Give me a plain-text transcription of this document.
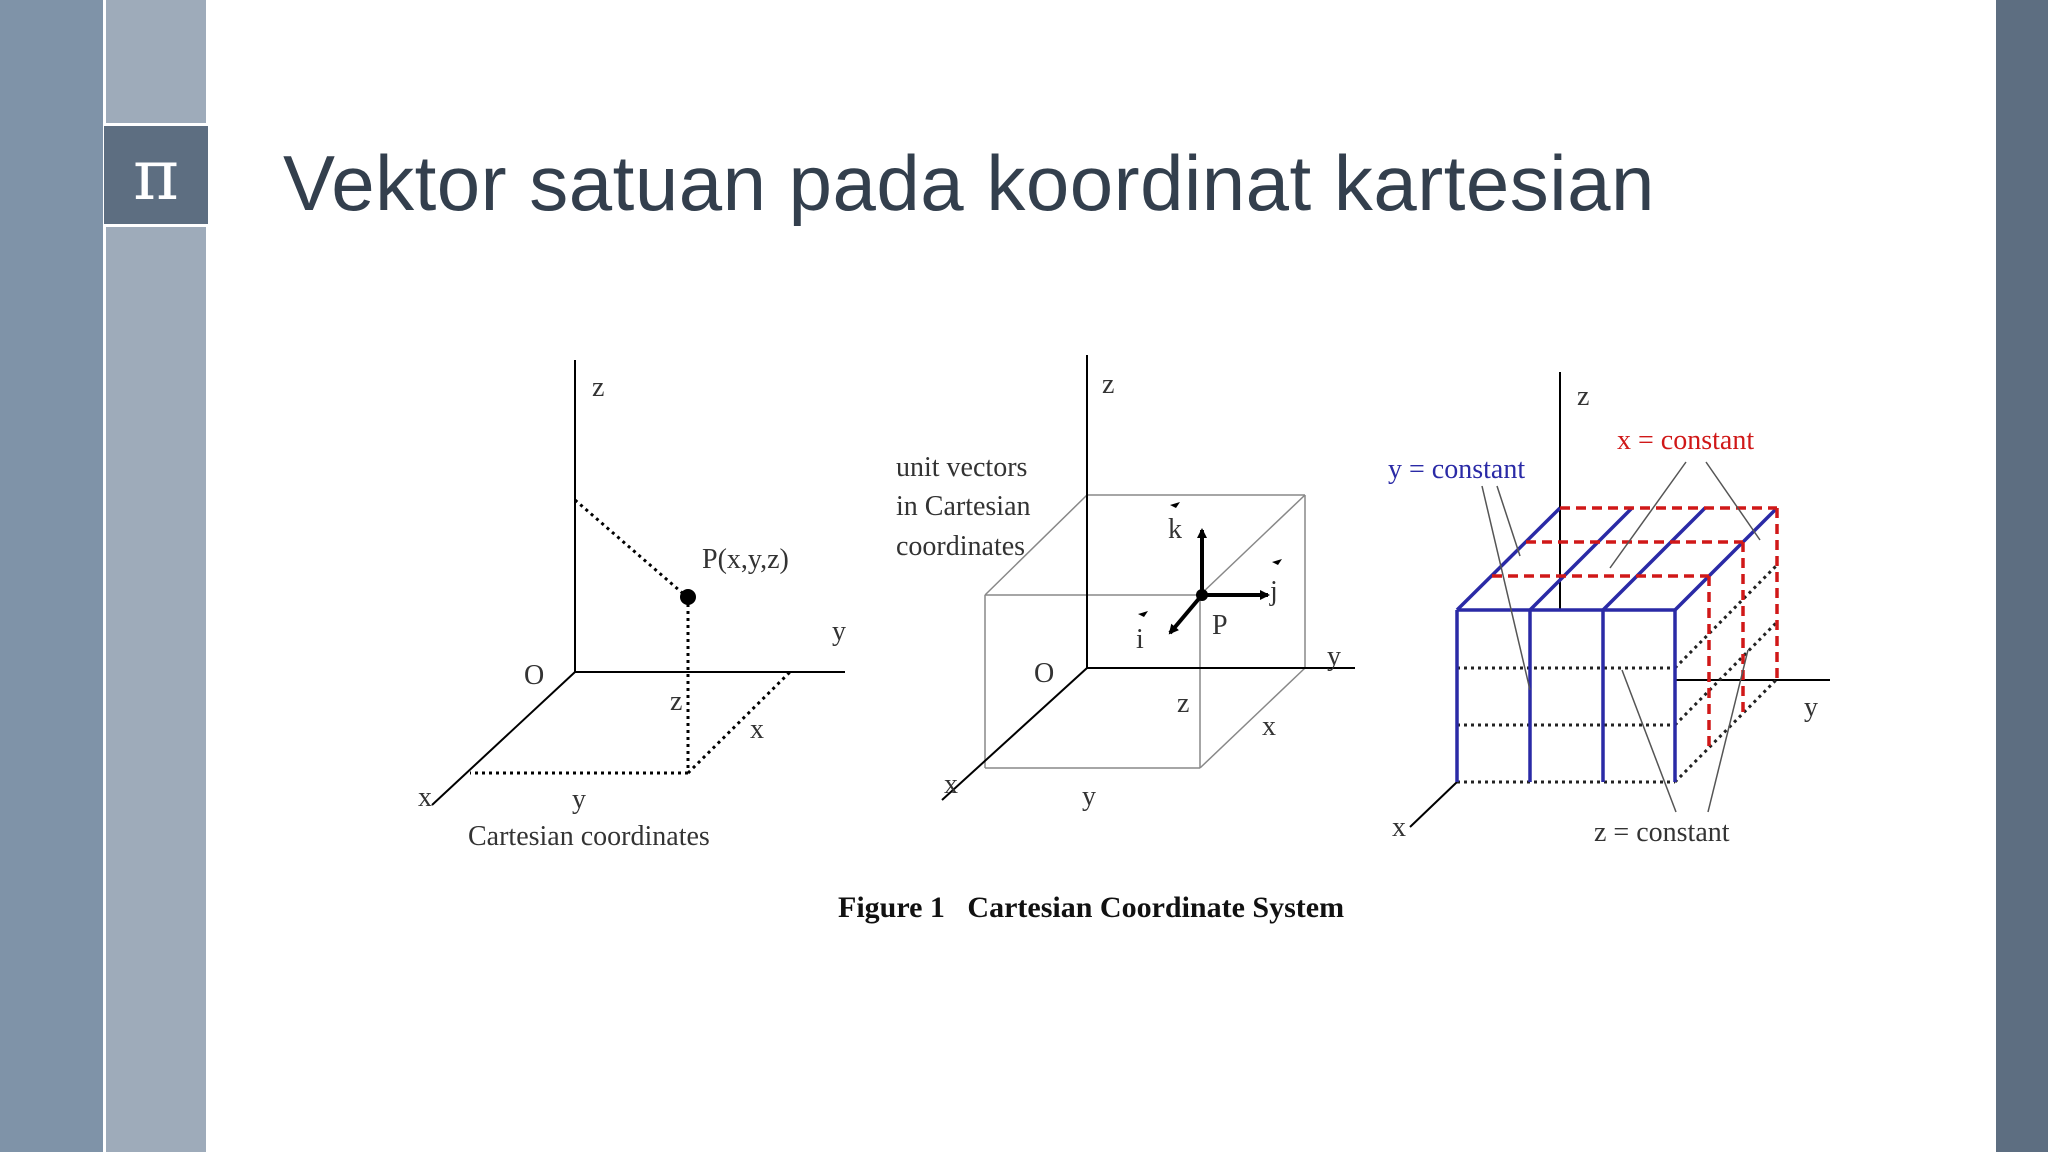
π Vektor satuan pada koordinat kartesian
z
y
x
O
P(x,y,z)
z
x
y
Cartesian coordinates
z
y
x
O
unit vectors
in Cartesian
coordinates
k
j
i P
z
x
y
z
y
x
y = constant
x = constant
z = constant
Figure 1   Cartesian Coordinate System
